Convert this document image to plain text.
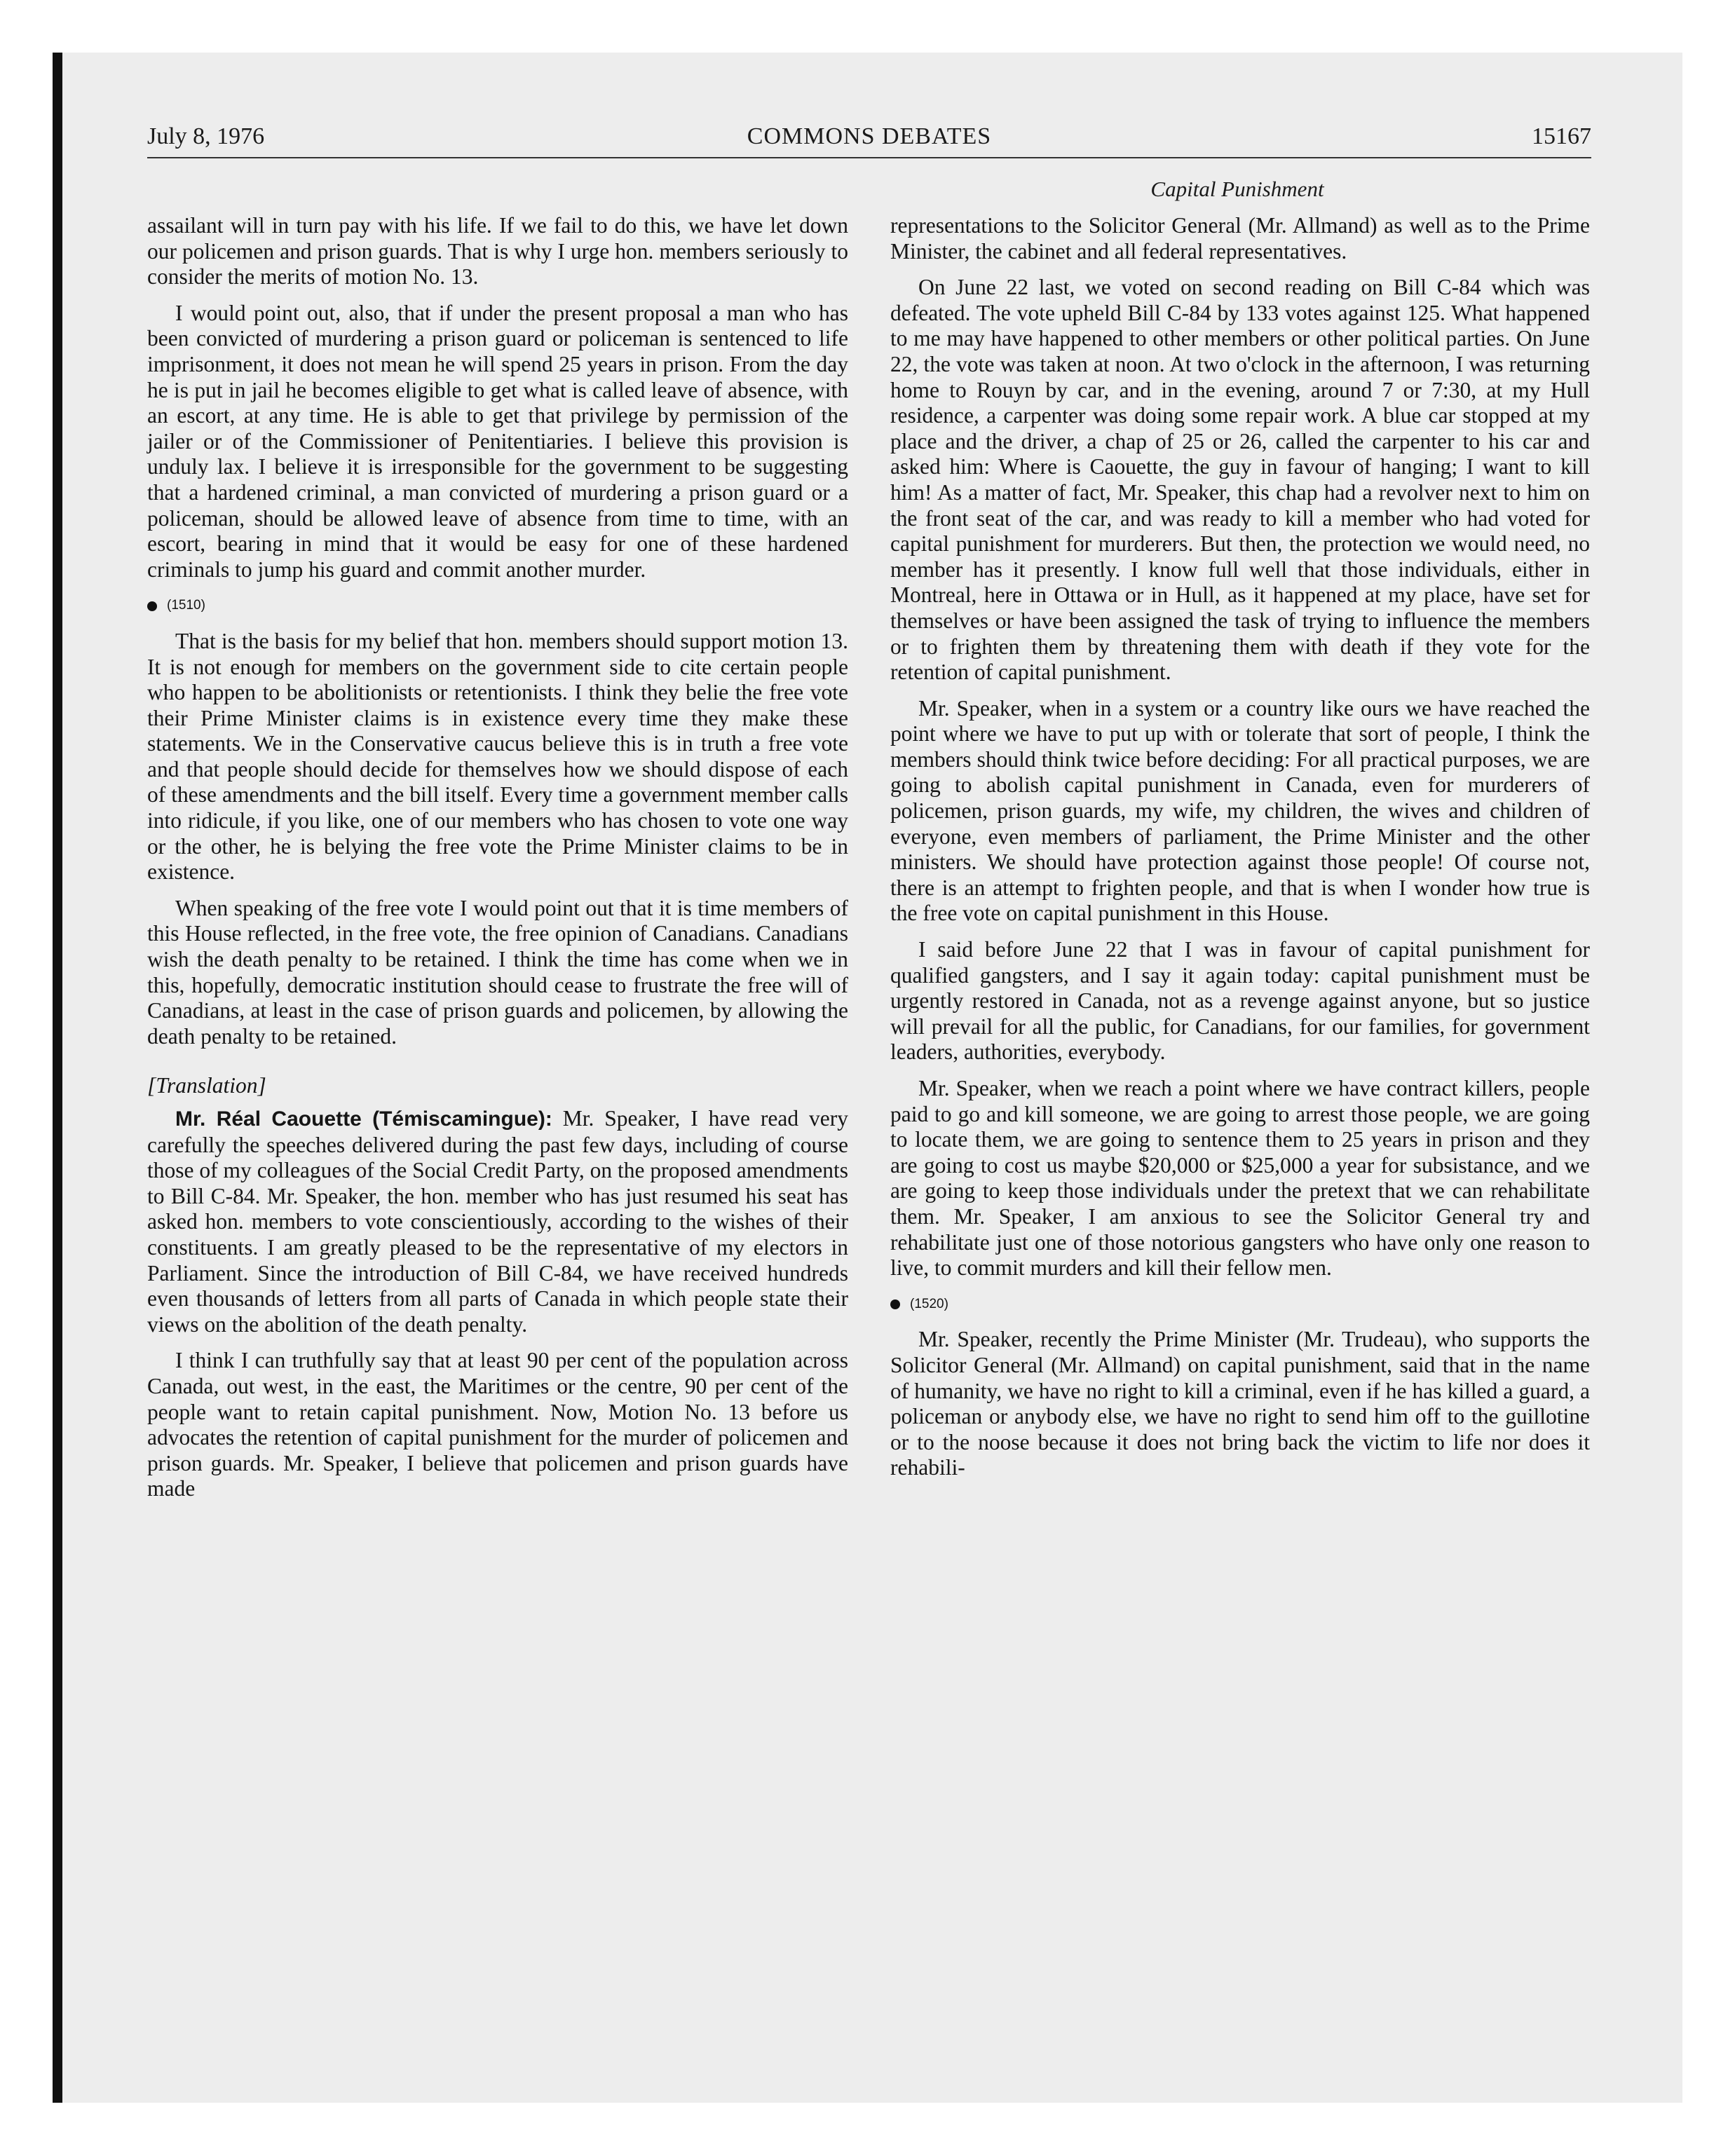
July 8, 1976	COMMONS DEBATES	15167
Capital Punishment

assailant will in turn pay with his life. If we fail to do this, we have let down our policemen and prison guards. That is why I urge hon. members seriously to consider the merits of motion No. 13.

I would point out, also, that if under the present proposal a man who has been convicted of murdering a prison guard or policeman is sentenced to life imprisonment, it does not mean he will spend 25 years in prison. From the day he is put in jail he becomes eligible to get what is called leave of absence, with an escort, at any time. He is able to get that privilege by permission of the jailer or of the Commissioner of Penitentiaries. I believe this provision is unduly lax. I believe it is irresponsible for the government to be suggesting that a hardened criminal, a man convicted of murdering a prison guard or a policeman, should be allowed leave of absence from time to time, with an escort, bearing in mind that it would be easy for one of these hardened criminals to jump his guard and commit another murder.

(1510)

That is the basis for my belief that hon. members should support motion 13. It is not enough for members on the government side to cite certain people who happen to be abolitionists or retentionists. I think they belie the free vote their Prime Minister claims is in existence every time they make these statements. We in the Conservative caucus believe this is in truth a free vote and that people should decide for themselves how we should dispose of each of these amendments and the bill itself. Every time a government member calls into ridicule, if you like, one of our members who has chosen to vote one way or the other, he is belying the free vote the Prime Minister claims to be in existence.

When speaking of the free vote I would point out that it is time members of this House reflected, in the free vote, the free opinion of Canadians. Canadians wish the death penalty to be retained. I think the time has come when we in this, hopefully, democratic institution should cease to frustrate the free will of Canadians, at least in the case of prison guards and policemen, by allowing the death penalty to be retained.

[Translation]

Mr. Réal Caouette (Témiscamingue): Mr. Speaker, I have read very carefully the speeches delivered during the past few days, including of course those of my colleagues of the Social Credit Party, on the proposed amendments to Bill C-84. Mr. Speaker, the hon. member who has just resumed his seat has asked hon. members to vote conscientiously, according to the wishes of their constituents. I am greatly pleased to be the representative of my electors in Parliament. Since the introduction of Bill C-84, we have received hundreds even thousands of letters from all parts of Canada in which people state their views on the abolition of the death penalty.

I think I can truthfully say that at least 90 per cent of the population across Canada, out west, in the east, the Maritimes or the centre, 90 per cent of the people want to retain capital punishment. Now, Motion No. 13 before us advocates the retention of capital punishment for the murder of policemen and prison guards. Mr. Speaker, I believe that policemen and prison guards have made

representations to the Solicitor General (Mr. Allmand) as well as to the Prime Minister, the cabinet and all federal representatives.

On June 22 last, we voted on second reading on Bill C-84 which was defeated. The vote upheld Bill C-84 by 133 votes against 125. What happened to me may have happened to other members or other political parties. On June 22, the vote was taken at noon. At two o'clock in the afternoon, I was returning home to Rouyn by car, and in the evening, around 7 or 7:30, at my Hull residence, a carpenter was doing some repair work. A blue car stopped at my place and the driver, a chap of 25 or 26, called the carpenter to his car and asked him: Where is Caouette, the guy in favour of hanging; I want to kill him! As a matter of fact, Mr. Speaker, this chap had a revolver next to him on the front seat of the car, and was ready to kill a member who had voted for capital punishment for murderers. But then, the protection we would need, no member has it presently. I know full well that those individuals, either in Montreal, here in Ottawa or in Hull, as it happened at my place, have set for themselves or have been assigned the task of trying to influence the members or to frighten them by threatening them with death if they vote for the retention of capital punishment.

Mr. Speaker, when in a system or a country like ours we have reached the point where we have to put up with or tolerate that sort of people, I think the members should think twice before deciding: For all practical purposes, we are going to abolish capital punishment in Canada, even for murderers of policemen, prison guards, my wife, my children, the wives and children of everyone, even members of parliament, the Prime Minister and the other ministers. We should have protection against those people! Of course not, there is an attempt to frighten people, and that is when I wonder how true is the free vote on capital punishment in this House.

I said before June 22 that I was in favour of capital punishment for qualified gangsters, and I say it again today: capital punishment must be urgently restored in Canada, not as a revenge against anyone, but so justice will prevail for all the public, for Canadians, for our families, for government leaders, authorities, everybody.

Mr. Speaker, when we reach a point where we have contract killers, people paid to go and kill someone, we are going to arrest those people, we are going to locate them, we are going to sentence them to 25 years in prison and they are going to cost us maybe $20,000 or $25,000 a year for subsistance, and we are going to keep those individuals under the pretext that we can rehabilitate them. Mr. Speaker, I am anxious to see the Solicitor General try and rehabilitate just one of those notorious gangsters who have only one reason to live, to commit murders and kill their fellow men.

(1520)

Mr. Speaker, recently the Prime Minister (Mr. Trudeau), who supports the Solicitor General (Mr. Allmand) on capital punishment, said that in the name of humanity, we have no right to kill a criminal, even if he has killed a guard, a policeman or anybody else, we have no right to send him off to the guillotine or to the noose because it does not bring back the victim to life nor does it rehabili-
